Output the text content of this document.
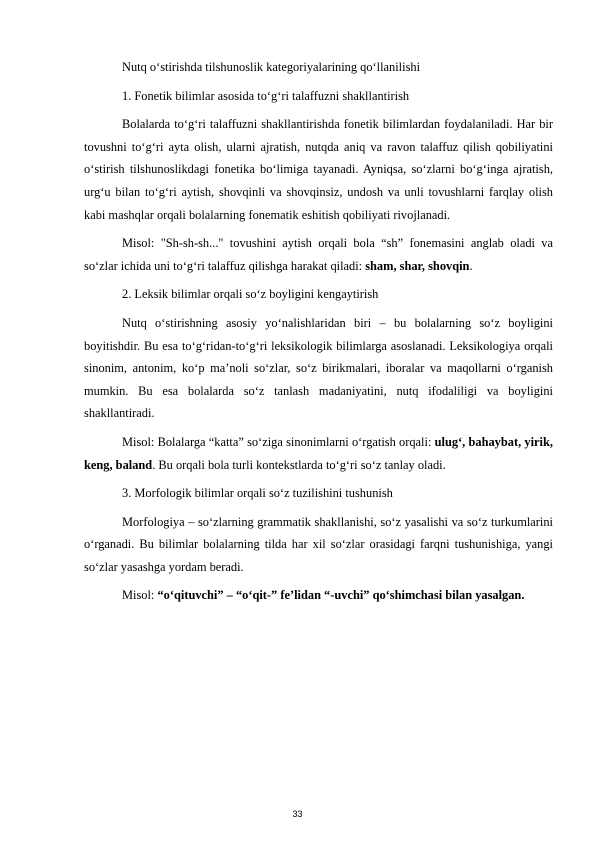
Nutq o‘stirishda tilshunoslik kategoriyalarining qo‘llanilishi

1. Fonetik bilimlar asosida to‘g‘ri talaffuzni shakllantirish

Bolalarda to‘g‘ri talaffuzni shakllantirishda fonetik bilimlardan foydalaniladi. Har bir tovushni to‘g‘ri ayta olish, ularni ajratish, nutqda aniq va ravon talaffuz qilish qobiliyatini o‘stirish tilshunoslikdagi fonetika bo‘limiga tayanadi. Ayniqsa, so‘zlarni bo‘g‘inga ajratish, urg‘u bilan to‘g‘ri aytish, shovqinli va shovqinsiz, undosh va unli tovushlarni farqlay olish kabi mashqlar orqali bolalarning fonematik eshitish qobiliyati rivojlanadi.

Misol: "Sh-sh-sh..." tovushini aytish orqali bola “sh” fonemasini anglab oladi va so‘zlar ichida uni to‘g‘ri talaffuz qilishga harakat qiladi: sham, shar, shovqin.

2. Leksik bilimlar orqali so‘z boyligini kengaytirish

Nutq o‘stirishning asosiy yo‘nalishlaridan biri – bu bolalarning so‘z boyligini boyitishdir. Bu esa to‘g‘ridan-to‘g‘ri leksikologik bilimlarga asoslanadi. Leksikologiya orqali sinonim, antonim, ko‘p ma’noli so‘zlar, so‘z birikmalari, iboralar va maqollarni o‘rganish mumkin. Bu esa bolalarda so‘z tanlash madaniyatini, nutq ifodaliligi va boyligini shakllantiradi.

Misol: Bolalarga “katta” so‘ziga sinonimlarni o‘rgatish orqali: ulug‘, bahaybat, yirik, keng, baland. Bu orqali bola turli kontekstlarda to‘g‘ri so‘z tanlay oladi.

3. Morfologik bilimlar orqali so‘z tuzilishini tushunish

Morfologiya – so‘zlarning grammatik shakllanishi, so‘z yasalishi va so‘z turkumlarini o‘rganadi. Bu bilimlar bolalarning tilda har xil so‘zlar orasidagi farqni tushunishiga, yangi so‘zlar yasashga yordam beradi.

Misol: “o‘qituvchi” – “o‘qit-” fe’lidan “-uvchi” qo‘shimchasi bilan yasalgan.

33
